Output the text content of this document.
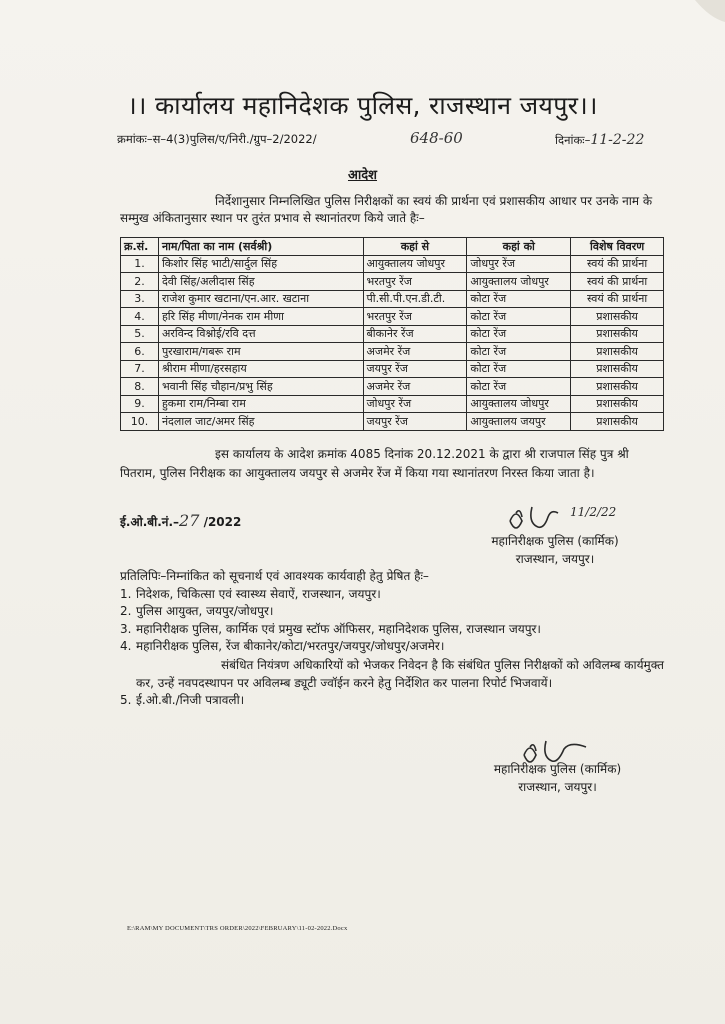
।। कार्यालय महानिदेशक पुलिस, राजस्थान जयपुर।।
क्रमांकः–स–4(3)पुलिस/ए/निरी./ग्रुप–2/2022/	648-60	दिनांकः–11-2-22
आदेश
निर्देशानुसार निम्नलिखित पुलिस निरीक्षकों का स्वयं की प्रार्थना एवं प्रशासकीय आधार पर उनके नाम के सम्मुख अंकितानुसार स्थान पर तुरंत प्रभाव से स्थानांतरण किये जाते हैः–
क्र.सं.	नाम/पिता का नाम (सर्वश्री)	कहां से	कहां को	विशेष विवरण
1.	किशोर सिंह भाटी/सार्दुल सिंह	आयुक्तालय जोधपुर	जोधपुर रेंज	स्वयं की प्रार्थना
2.	देवी सिंह/अलीदास सिंह	भरतपुर रेंज	आयुक्तालय जोधपुर	स्वयं की प्रार्थना
3.	राजेश कुमार खटाना/एन.आर. खटाना	पी.सी.पी.एन.डी.टी.	कोटा रेंज	स्वयं की प्रार्थना
4.	हरि सिंह मीणा/नेनक राम मीणा	भरतपुर रेंज	कोटा रेंज	प्रशासकीय
5.	अरविन्द विश्नोई/रवि दत्त	बीकानेर रेंज	कोटा रेंज	प्रशासकीय
6.	पुरखाराम/गबरू राम	अजमेर रेंज	कोटा रेंज	प्रशासकीय
7.	श्रीराम मीणा/हरसहाय	जयपुर रेंज	कोटा रेंज	प्रशासकीय
8.	भवानी सिंह चौहान/प्रभु सिंह	अजमेर रेंज	कोटा रेंज	प्रशासकीय
9.	हुकमा राम/निम्बा राम	जोधपुर रेंज	आयुक्तालय जोधपुर	प्रशासकीय
10.	नंदलाल जाट/अमर सिंह	जयपुर रेंज	आयुक्तालय जयपुर	प्रशासकीय
इस कार्यालय के आदेश क्रमांक 4085 दिनांक 20.12.2021 के द्वारा श्री राजपाल सिंह पुत्र श्री पितराम, पुलिस निरीक्षक का आयुक्तालय जयपुर से अजमेर रेंज में किया गया स्थानांतरण निरस्त किया जाता है।
ई.ओ.बी.नं.–27 /2022
11/2/22
महानिरीक्षक पुलिस (कार्मिक)
राजस्थान, जयपुर।
प्रतिलिपिः–निम्नांकित को सूचनार्थ एवं आवश्यक कार्यवाही हेतु प्रेषित हैः–
1. निदेशक, चिकित्सा एवं स्वास्थ्य सेवाऐं, राजस्थान, जयपुर।
2. पुलिस आयुक्त, जयपुर/जोधपुर।
3. महानिरीक्षक पुलिस, कार्मिक एवं प्रमुख स्टॉफ ऑफिसर, महानिदेशक पुलिस, राजस्थान जयपुर।
4. महानिरीक्षक पुलिस, रेंज बीकानेर/कोटा/भरतपुर/जयपुर/जोधपुर/अजमेर।
संबंधित नियंत्रण अधिकारियों को भेजकर निवेदन है कि संबंधित पुलिस निरीक्षकों को अविलम्ब कार्यमुक्त कर, उन्हें नवपदस्थापन पर अविलम्ब ड्यूटी ज्वॉईन करने हेतु निर्देशित कर पालना रिपोर्ट भिजवायें।
5. ई.ओ.बी./निजी पत्रावली।
महानिरीक्षक पुलिस (कार्मिक)
राजस्थान, जयपुर।
E:\RAM\MY DOCUMENT\TRS ORDER\2022\FEBRUARY\11-02-2022.Docx
